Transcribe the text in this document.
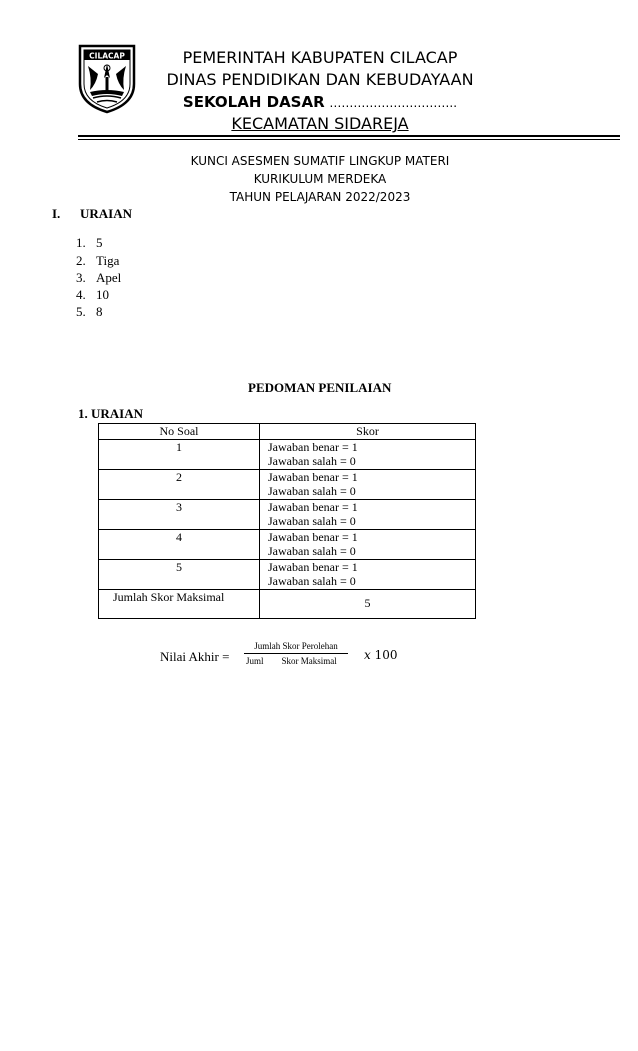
CILACAP	PEMERINTAH KABUPATEN CILACAP
DINAS PENDIDIKAN DAN KEBUDAYAAN
SEKOLAH DASAR …………………………..
KECAMATAN SIDAREJA
KUNCI ASESMEN SUMATIF LINGKUP MATERI
KURIKULUM MERDEKA
TAHUN PELAJARAN 2022/2023
I. URAIAN
1. 5
2. Tiga
3. Apel
4. 10
5. 8
PEDOMAN PENILAIAN
1. URAIAN
No Soal	Skor
1	Jawaban benar = 1
Jawaban salah = 0

2	Jawaban benar = 1
Jawaban salah = 0

3	Jawaban benar = 1
Jawaban salah = 0

4	Jawaban benar = 1
Jawaban salah = 0

5	Jawaban benar = 1
Jawaban salah = 0

Jumlah Skor Maksimal	5
Nilai Akhir =
Jumlah Skor Perolehan
Juml Skor Maksimal	x 100
